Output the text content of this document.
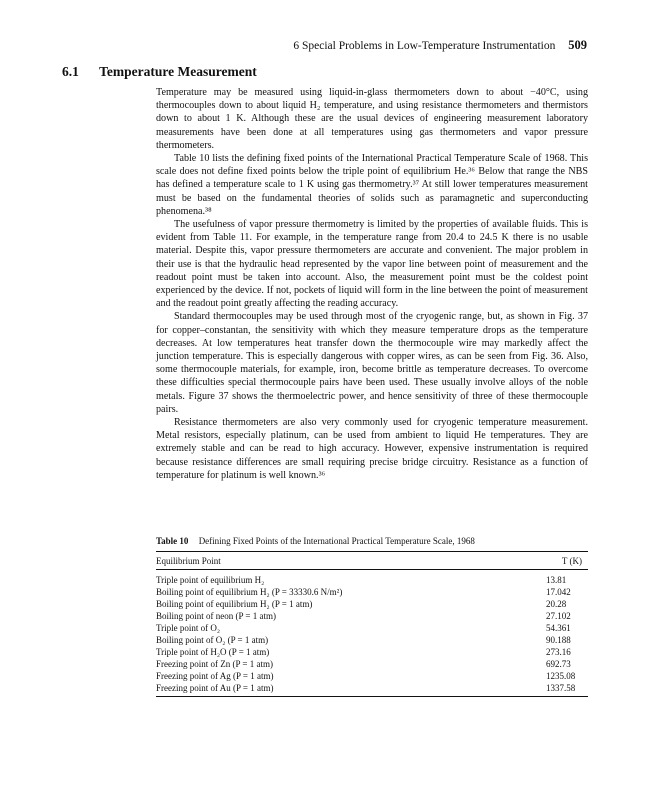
6 Special Problems in Low-Temperature Instrumentation 509
6.1 Temperature Measurement

Temperature may be measured using liquid-in-glass thermometers down to about −40°C, using thermocouples down to about liquid H₂ temperature, and using resistance thermometers and thermistors down to about 1 K. Although these are the usual devices of engineering measurement laboratory measurements have been done at all temperatures using gas thermometers and vapor pressure thermometers.

Table 10 lists the defining fixed points of the International Practical Temperature Scale of 1968. This scale does not define fixed points below the triple point of equilibrium He.³⁶ Below that range the NBS has defined a temperature scale to 1 K using gas thermometry.³⁷ At still lower temperatures measurement must be based on the fundamental theories of solids such as paramagnetic and superconducting phenomena.³⁸

The usefulness of vapor pressure thermometry is limited by the properties of available fluids. This is evident from Table 11. For example, in the temperature range from 20.4 to 24.5 K there is no usable material. Despite this, vapor pressure thermometers are accurate and convenient. The major problem in their use is that the hydraulic head represented by the vapor line between point of measurement and the readout point must be taken into account. Also, the measurement point must be the coldest point experienced by the device. If not, pockets of liquid will form in the line between the point of measurement and the readout point greatly affecting the reading accuracy.

Standard thermocouples may be used through most of the cryogenic range, but, as shown in Fig. 37 for copper–constantan, the sensitivity with which they measure temperature drops as the temperature decreases. At low temperatures heat transfer down the thermocouple wire may markedly affect the junction temperature. This is especially dangerous with copper wires, as can be seen from Fig. 36. Also, some thermocouple materials, for example, iron, become brittle as temperature decreases. To overcome these difficulties special thermocouple pairs have been used. These usually involve alloys of the noble metals. Figure 37 shows the thermoelectric power, and hence sensitivity of three of these thermocouple pairs.

Resistance thermometers are also very commonly used for cryogenic temperature measurement. Metal resistors, especially platinum, can be used from ambient to liquid He temperatures. They are extremely stable and can be read to high accuracy. However, expensive instrumentation is required because resistance differences are small requiring precise bridge circuitry. Resistance as a function of temperature for platinum is well known.³⁶

Table 10 Defining Fixed Points of the International Practical Temperature Scale, 1968
Equilibrium Point	T (K)
Triple point of equilibrium H₂	13.81
Boiling point of equilibrium H₂ (P = 33330.6 N/m²)	17.042
Boiling point of equilibrium H₂ (P = 1 atm)	20.28
Boiling point of neon (P = 1 atm)	27.102
Triple point of O₂	54.361
Boiling point of O₂ (P = 1 atm)	90.188
Triple point of H₂O (P = 1 atm)	273.16
Freezing point of Zn (P = 1 atm)	692.73
Freezing point of Ag (P = 1 atm)	1235.08
Freezing point of Au (P = 1 atm)	1337.58
